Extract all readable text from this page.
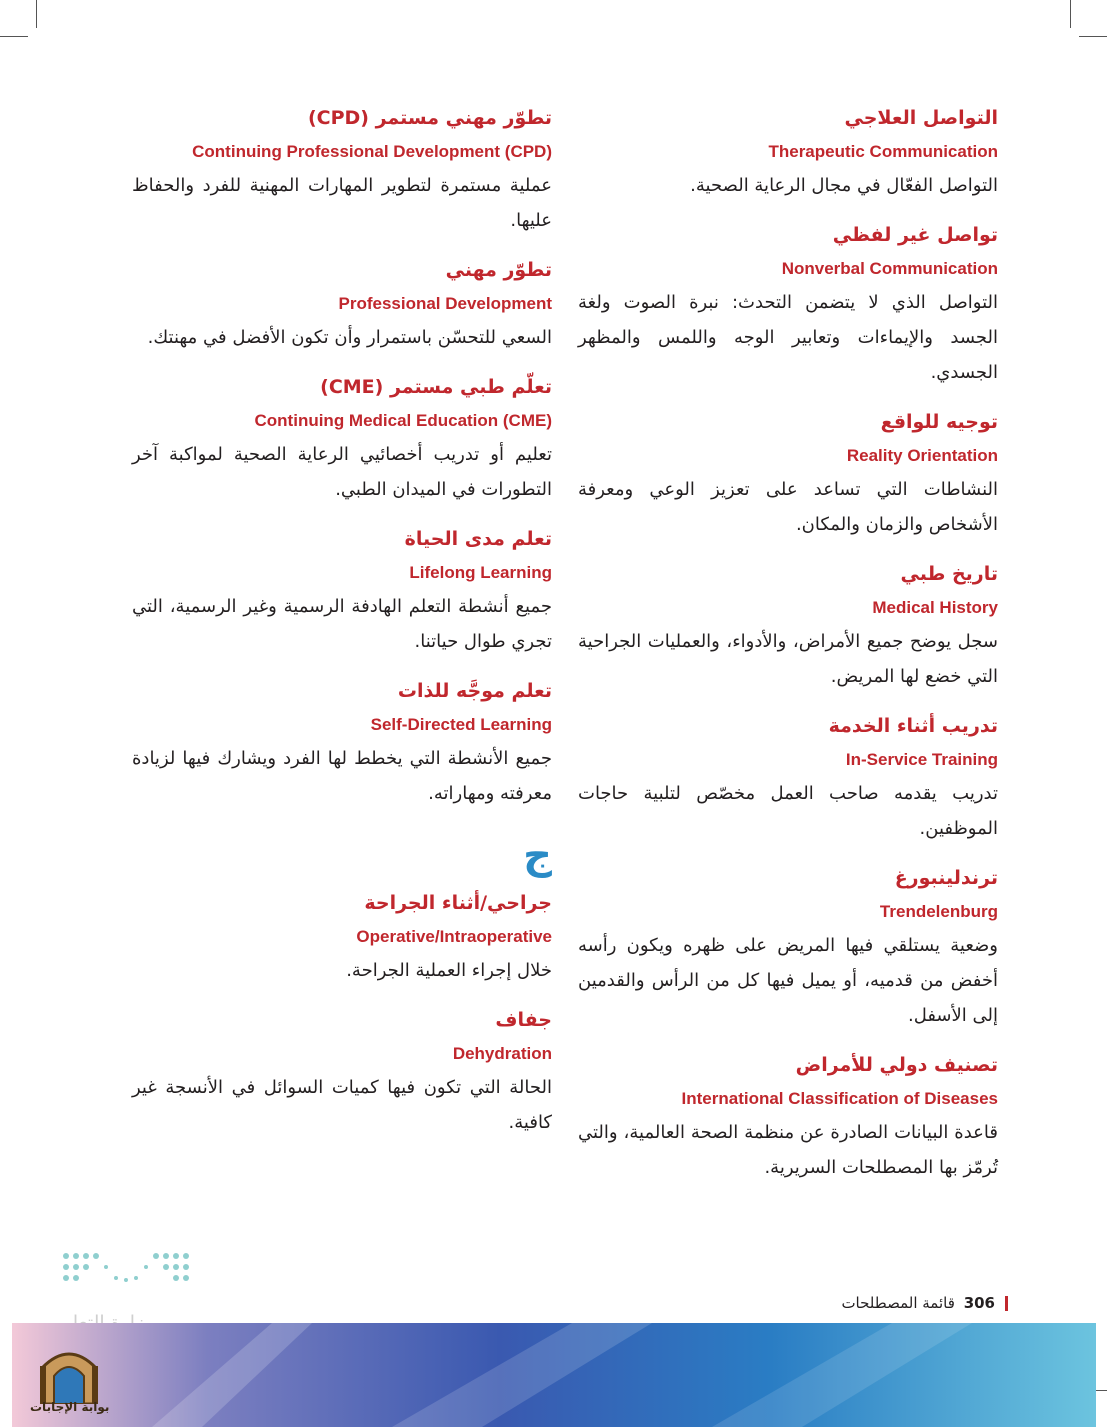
التواصل العلاجي
Therapeutic Communication
التواصل الفعّال في مجال الرعاية الصحية.
تواصل غير لفظي
Nonverbal Communication
التواصل الذي لا يتضمن التحدث: نبرة الصوت ولغة الجسد والإيماءات وتعابير الوجه واللمس والمظهر الجسدي.
توجيه للواقع
Reality Orientation
النشاطات التي تساعد على تعزيز الوعي ومعرفة الأشخاص والزمان والمكان.
تاريخ طبي
Medical History
سجل يوضح جميع الأمراض، والأدواء، والعمليات الجراحية التي خضع لها المريض.
تدريب أثناء الخدمة
In-Service Training
تدريب يقدمه صاحب العمل مخصّص لتلبية حاجات الموظفين.
ترندلينبورغ
Trendelenburg
وضعية يستلقي فيها المريض على ظهره ويكون رأسه أخفض من قدميه، أو يميل فيها كل من الرأس والقدمين إلى الأسفل.
تصنيف دولي للأمراض
International Classification of Diseases
قاعدة البيانات الصادرة عن منظمة الصحة العالمية، والتي تُرمّز بها المصطلحات السريرية.
تطوّر مهني مستمر (CPD)
Continuing Professional Development (CPD)
عملية مستمرة لتطوير المهارات المهنية للفرد والحفاظ عليها.
تطوّر مهني
Professional Development
السعي للتحسّن باستمرار وأن تكون الأفضل في مهنتك.
تعلّم طبي مستمر (CME)
Continuing Medical Education (CME)
تعليم أو تدريب أخصائيي الرعاية الصحية لمواكبة آخر التطورات في الميدان الطبي.
تعلم مدى الحياة
Lifelong Learning
جميع أنشطة التعلم الهادفة الرسمية وغير الرسمية، التي تجري طوال حياتنا.
تعلم موجَّه للذات
Self-Directed Learning
جميع الأنشطة التي يخطط لها الفرد ويشارك فيها لزيادة معرفته ومهاراته.
ج
جراحي/أثناء الجراحة
Operative/Intraoperative
خلال إجراء العملية الجراحة.
جفاف
Dehydration
الحالة التي تكون فيها كميات السوائل في الأنسجة غير كافية.
306 قائمة المصطلحات
بوابة الإجابات
